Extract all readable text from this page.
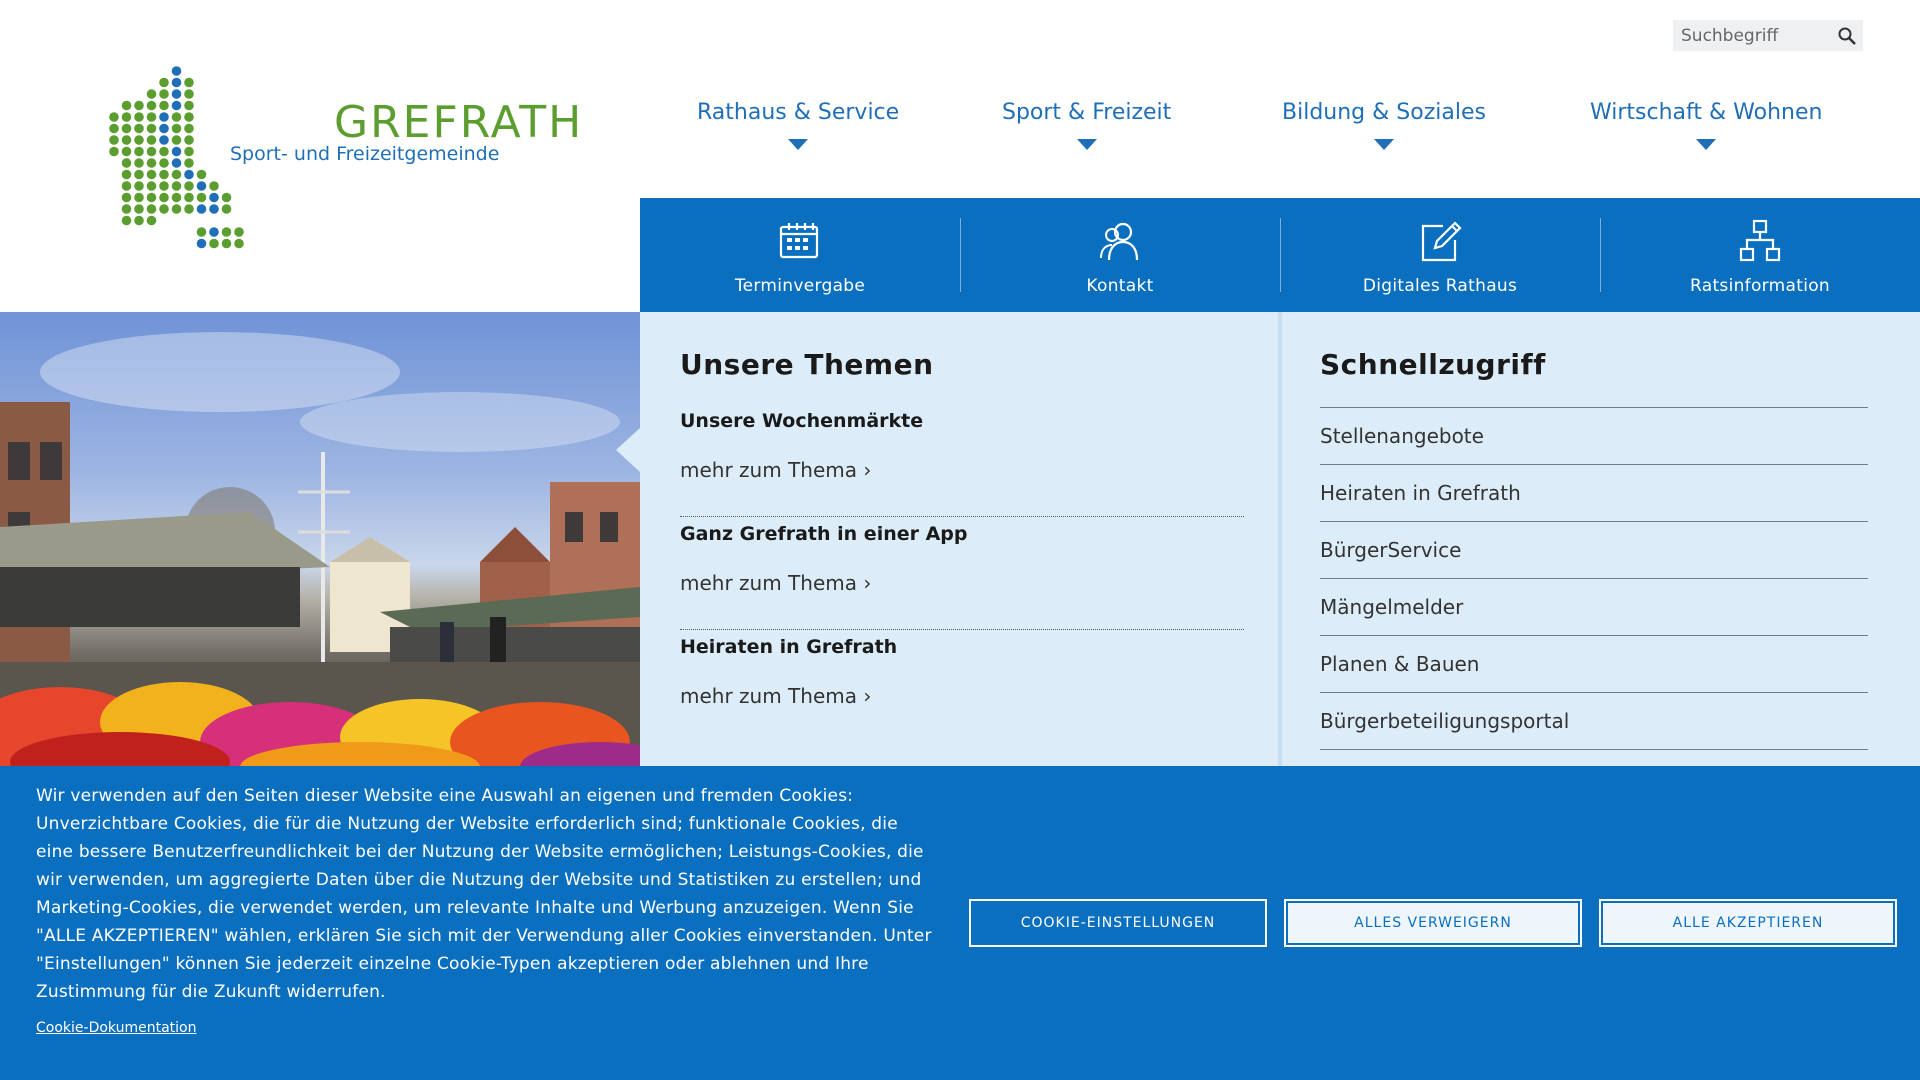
Suchbegriff
GREFRATH
Sport- und Freizeitgemeinde
Rathaus & Service	Sport & Freizeit	Bildung & Soziales	Wirtschaft & Wohnen
Terminvergabe	Kontakt	Digitales Rathaus	Ratsinformation
Unsere Themen
Unsere Wochenmärkte
mehr zum Thema ›
Ganz Grefrath in einer App
mehr zum Thema ›
Heiraten in Grefrath
mehr zum Thema ›
Schnellzugriff
Stellenangebote
Heiraten in Grefrath
BürgerService
Mängelmelder
Planen & Bauen
Bürgerbeteiligungsportal

Wir verwenden auf den Seiten dieser Website eine Auswahl an eigenen und fremden Cookies: Unverzichtbare Cookies, die für die Nutzung der Website erforderlich sind; funktionale Cookies, die eine bessere Benutzerfreundlichkeit bei der Nutzung der Website ermöglichen; Leistungs-Cookies, die wir verwenden, um aggregierte Daten über die Nutzung der Website und Statistiken zu erstellen; und Marketing-Cookies, die verwendet werden, um relevante Inhalte und Werbung anzuzeigen. Wenn Sie "ALLE AKZEPTIEREN" wählen, erklären Sie sich mit der Verwendung aller Cookies einverstanden. Unter "Einstellungen" können Sie jederzeit einzelne Cookie-Typen akzeptieren oder ablehnen und Ihre Zustimmung für die Zukunft widerrufen.

Cookie-Dokumentation
COOKIE-EINSTELLUNGEN	ALLES VERWEIGERN	ALLE AKZEPTIEREN
